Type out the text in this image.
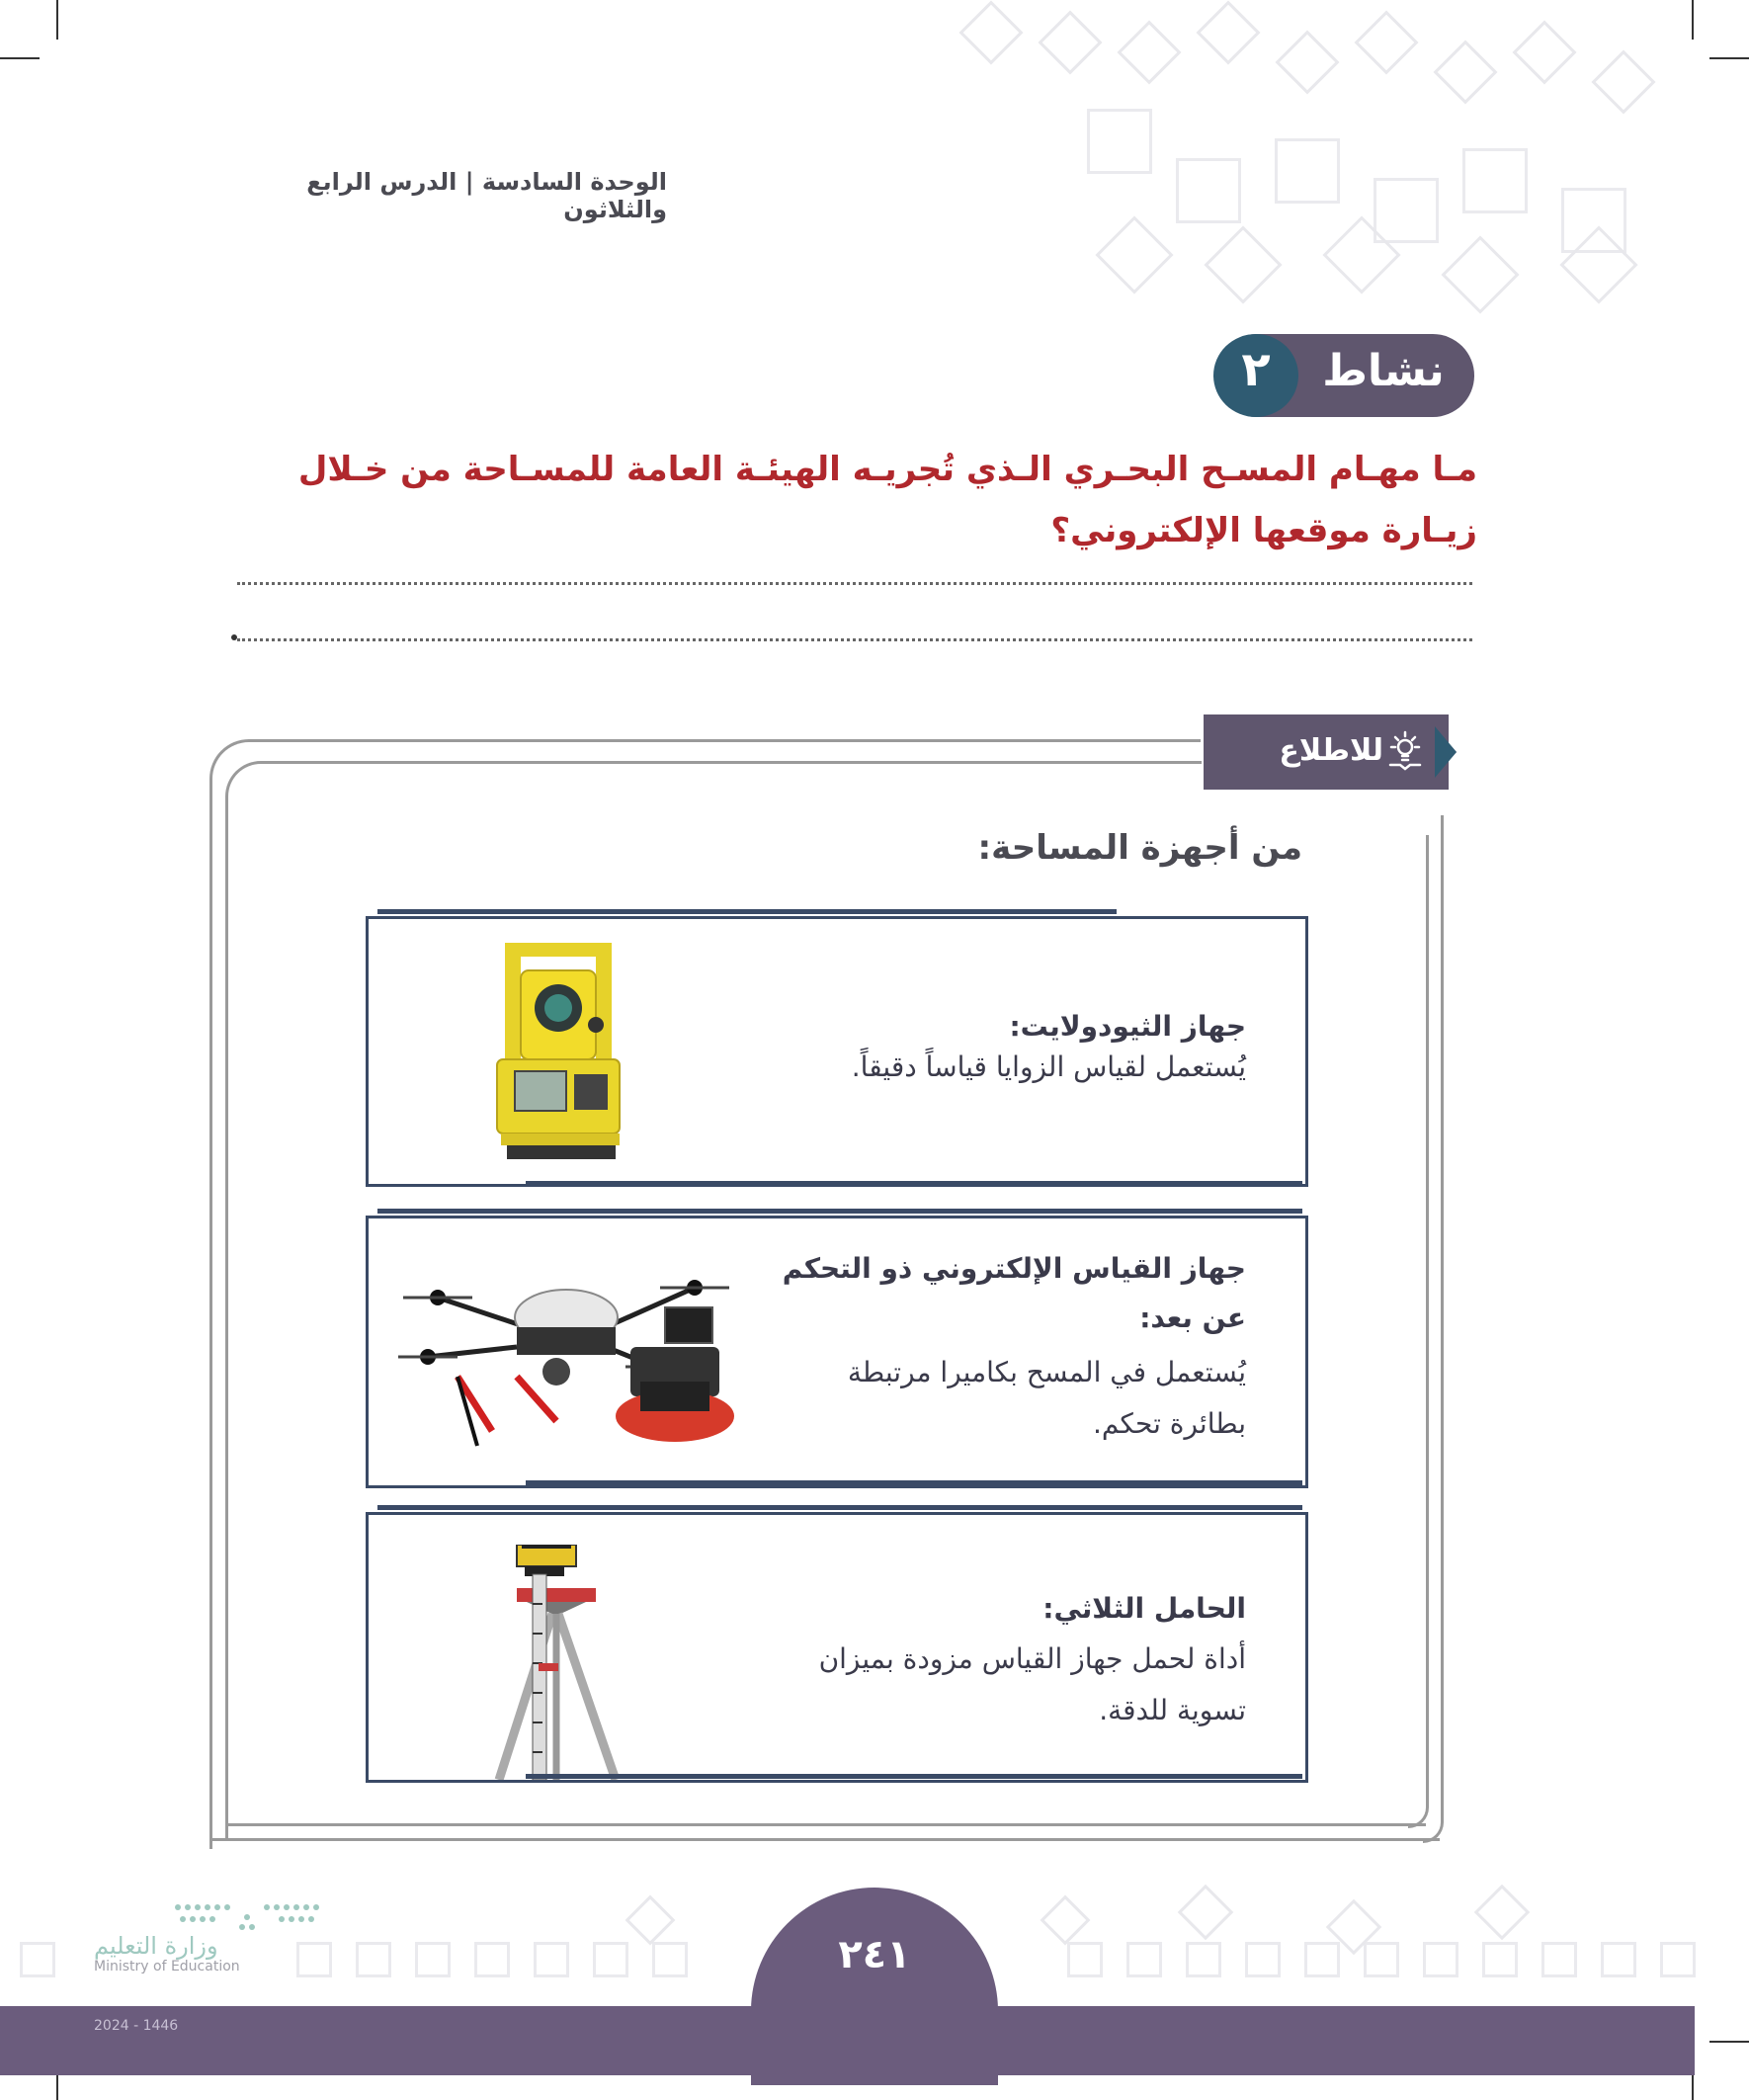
الوحدة السادسة | الدرس الرابع والثلاثون
نشاط
٢
مـا مهـام المسـح البحـري الـذي تُجريـه الهيئـة العامة للمسـاحة من خـلال زيـارة موقعها الإلكتروني؟
للاطلاع
من أجهزة المساحة:
جهاز الثيودولايت:
يُستعمل لقياس الزوايا قياساً دقيقاً.
جهاز القياس الإلكتروني ذو التحكم عن بعد:
يُستعمل في المسح بكاميرا مرتبطة بطائرة تحكم.
الحامل الثلاثي:
أداة لحمل جهاز القياس مزودة بميزان تسوية للدقة.
٢٤١
وزارة التعليم
Ministry of Education
2024 - 1446
